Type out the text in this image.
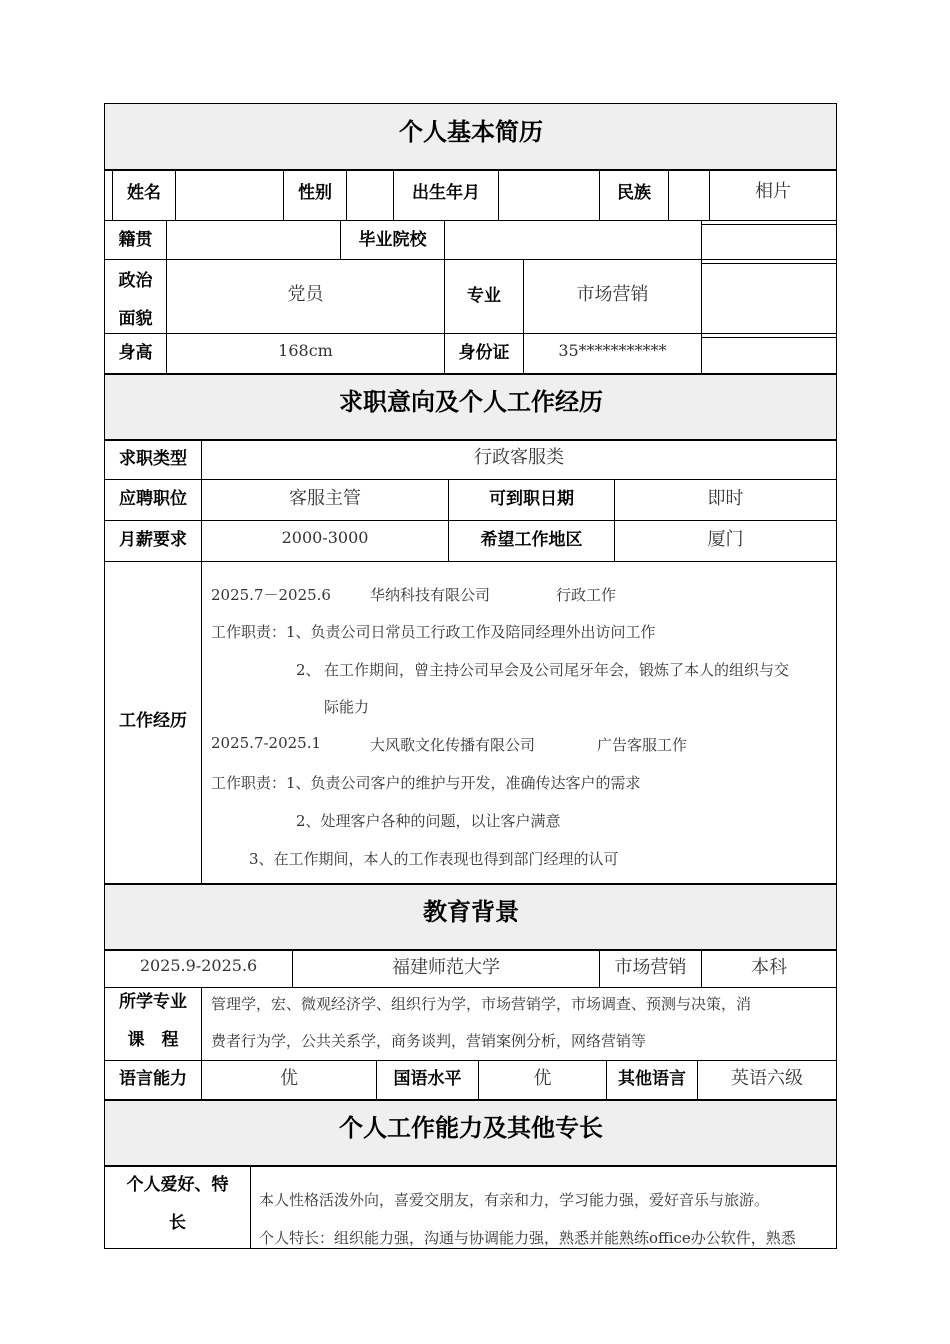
个人基本简历
求职意向及个人工作经历
教育背景
个人工作能力及其他专长
姓名	性别	出生年月	民族	相片
籍贯	毕业院校
政治
面貌
党员	专业	市场营销
身高	168cm	身份证	35***********
求职类型	行政客服类
应聘职位	客服主管	可到职日期	即时
月薪要求	2000-3000	希望工作地区	厦门
工作经历
2025.7－2025.6	华纳科技有限公司	行政工作
工作职责：1、负责公司日常员工行政工作及陪同经理外出访问工作
2、 在工作期间，曾主持公司早会及公司尾牙年会，锻炼了本人的组织与交
际能力
2025.7-2025.1	大风歌文化传播有限公司	广告客服工作
工作职责：1、负责公司客户的维护与开发，准确传达客户的需求
2、处理客户各种的问题，以让客户满意
3、在工作期间，本人的工作表现也得到部门经理的认可
2025.9-2025.6	福建师范大学	市场营销	本科
所学专业
课　程
管理学，宏、微观经济学、组织行为学，市场营销学，市场调查、预测与决策，消
费者行为学，公共关系学，商务谈判，营销案例分析，网络营销等
语言能力	优	国语水平	优	其他语言	英语六级
个人爱好、特
长
本人性格活泼外向，喜爱交朋友，有亲和力，学习能力强，爱好音乐与旅游。
个人特长：组织能力强，沟通与协调能力强，熟悉并能熟练office办公软件，熟悉
